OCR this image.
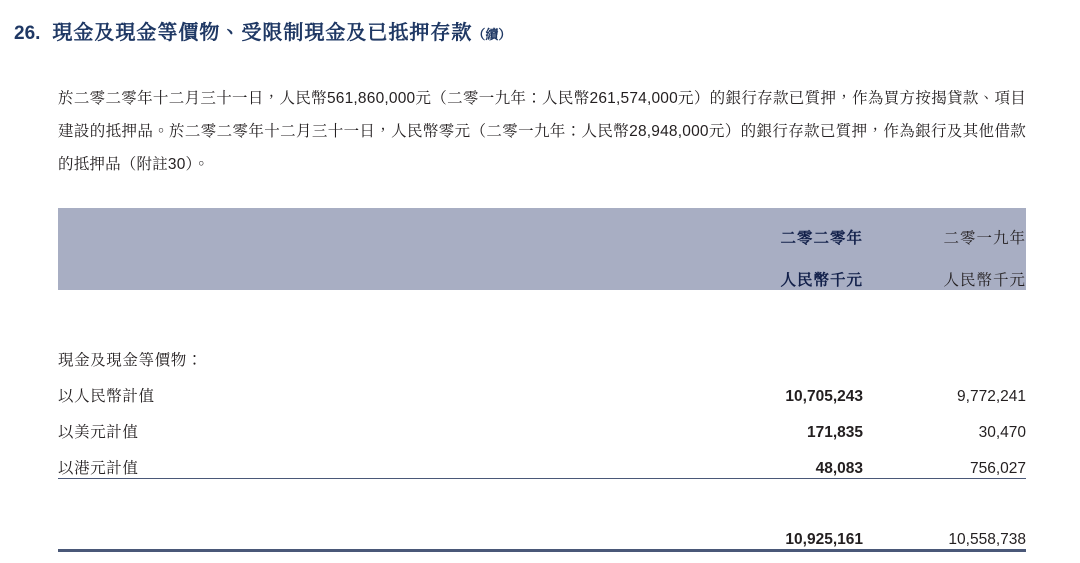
26. 現金及現金等價物、受限制現金及已抵押存款 （續）
於二零二零年十二月三十一日，人民幣561,860,000元（二零一九年：人民幣261,574,000元）的銀行存款已質押，作為買方按揭貸款、項目建設的抵押品。於二零二零年十二月三十一日，人民幣零元（二零一九年：人民幣28,948,000元）的銀行存款已質押，作為銀行及其他借款的抵押品（附註30）。
	二零二零年	二零一九年
	人民幣千元	人民幣千元

現金及現金等價物：		
以人民幣計值	10,705,243	9,772,241
以美元計值	171,835	30,470
以港元計值	48,083	756,027

	10,925,161	10,558,738
